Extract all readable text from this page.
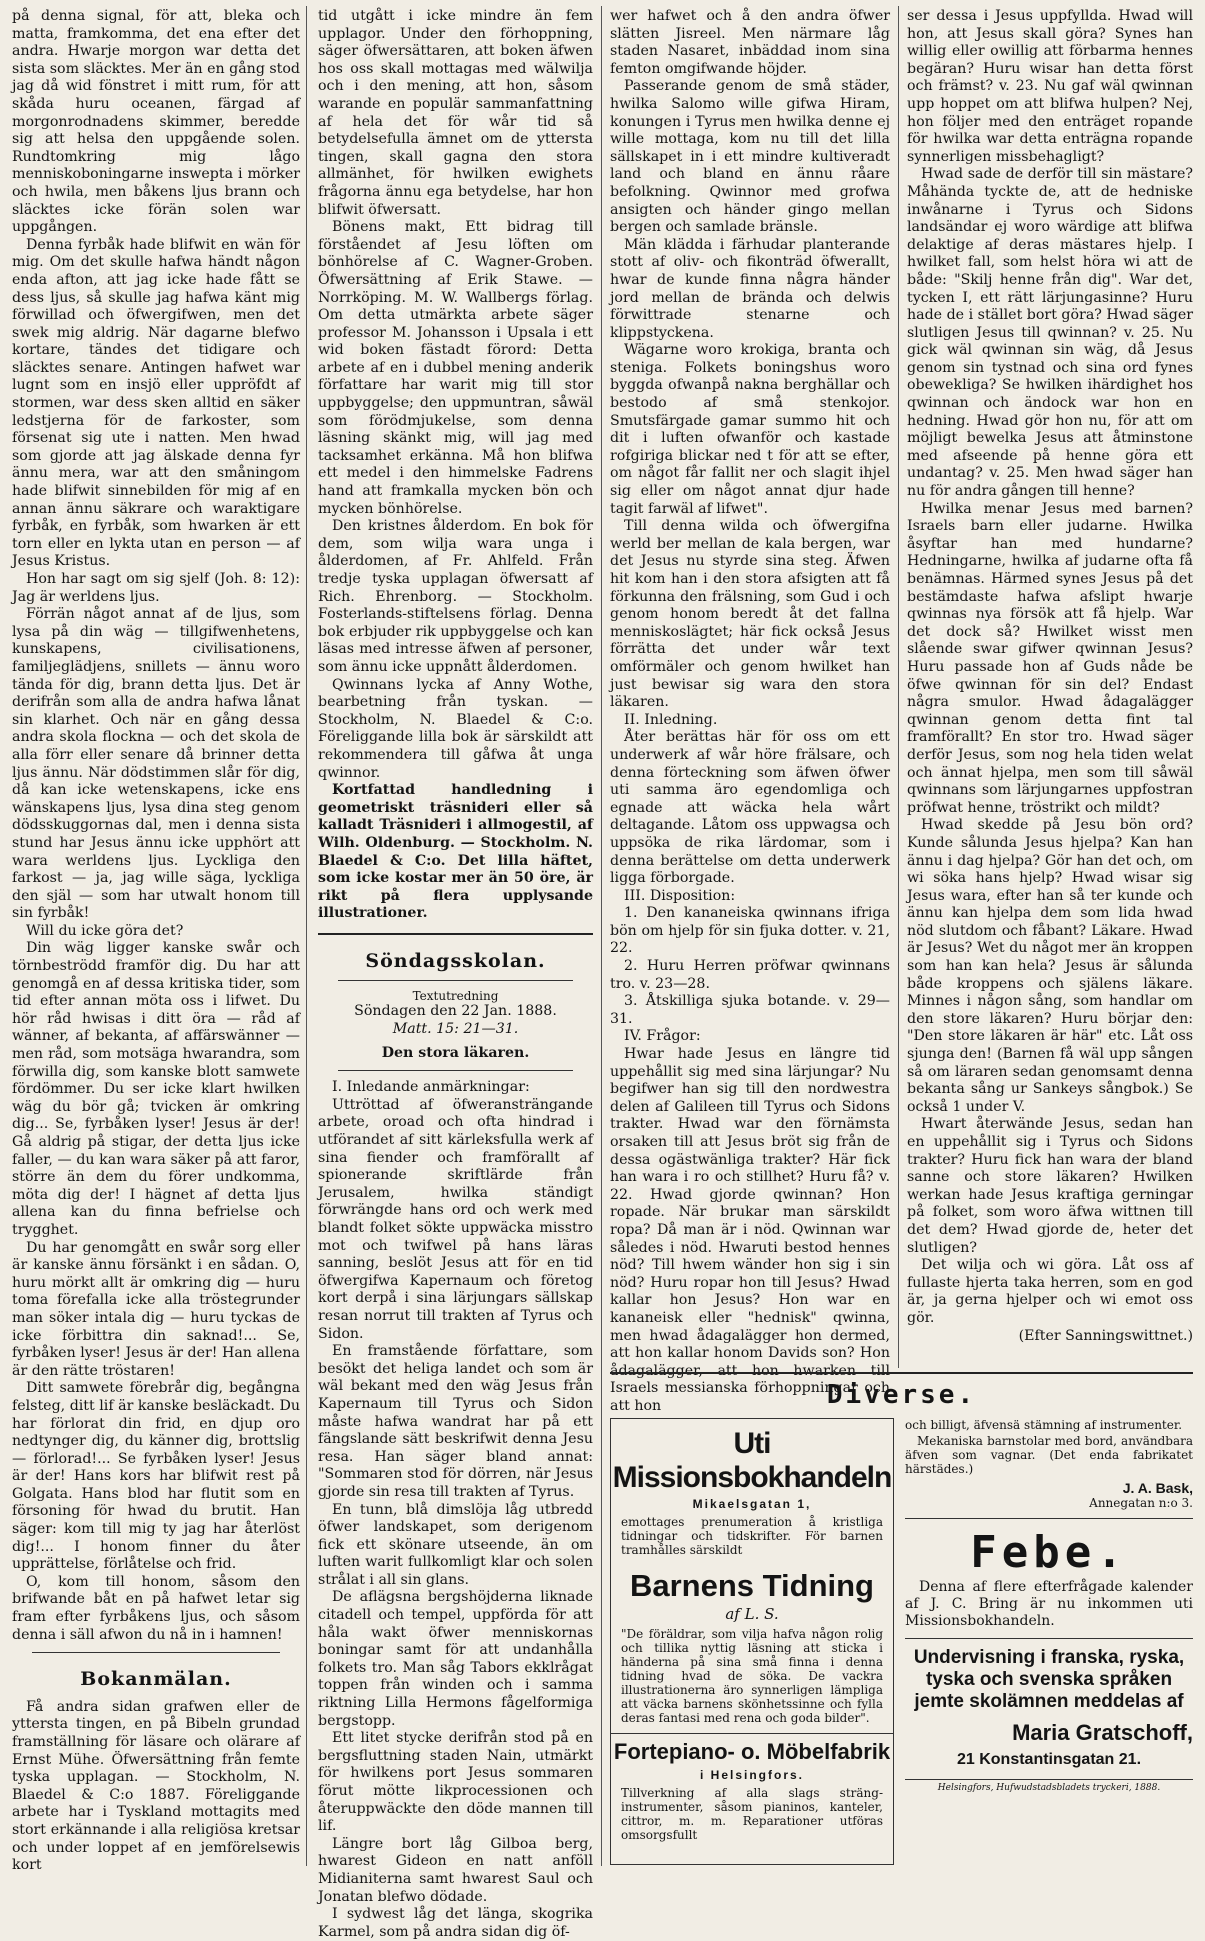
på denna signal, för att, bleka och matta, framkomma, det ena efter det andra. Hwarje morgon war detta det sista som släcktes. Mer än en gång stod jag då wid fönstret i mitt rum, för att skåda huru oceanen, färgad af morgonrodnadens skimmer, beredde sig att helsa den uppgående solen. Rundtomkring mig lågo menniskoboningarne inswepta i mörker och hwila, men båkens ljus brann och släcktes icke förän solen war uppgången.

Denna fyrbåk hade blifwit en wän för mig. Om det skulle hafwa händt någon enda afton, att jag icke hade fått se dess ljus, så skulle jag hafwa känt mig förwillad och öfwergifwen, men det swek mig aldrig. När dagarne blefwo kortare, tändes det tidigare och släcktes senare. Antingen hafwet war lugnt som en insjö eller uppröfdt af stormen, war dess sken alltid en säker ledstjerna för de farkoster, som försenat sig ute i natten. Men hwad som gjorde att jag älskade denna fyr ännu mera, war att den småningom hade blifwit sinnebilden för mig af en annan ännu säkrare och waraktigare fyrbåk, en fyrbåk, som hwarken är ett torn eller en lykta utan en person — af Jesus Kristus.

Hon har sagt om sig sjelf (Joh. 8: 12): Jag är werldens ljus.

Förrän något annat af de ljus, som lysa på din wäg — tillgifwenhetens, kunskapens, civilisationens, familjeglädjens, snillets — ännu woro tända för dig, brann detta ljus. Det är derifrån som alla de andra hafwa lånat sin klarhet. Och när en gång dessa andra skola flockna — och det skola de alla förr eller senare då brinner detta ljus ännu. När dödstimmen slår för dig, då kan icke wetenskapens, icke ens wänskapens ljus, lysa dina steg genom dödsskuggornas dal, men i denna sista stund har Jesus ännu icke upphört att wara werldens ljus. Lyckliga den farkost — ja, jag wille säga, lyckliga den själ — som har utwalt honom till sin fyrbåk!

Will du icke göra det?

Din wäg ligger kanske swår och törnbeströdd framför dig. Du har att genomgå en af dessa kritiska tider, som tid efter annan möta oss i lifwet. Du hör råd hwisas i ditt öra — råd af wänner, af bekanta, af affärswänner — men råd, som motsäga hwarandra, som förwilla dig, som kanske blott samwete fördömmer. Du ser icke klart hwilken wäg du bör gå; tvicken är omkring dig... Se, fyrbåken lyser! Jesus är der! Gå aldrig på stigar, der detta ljus icke faller, — du kan wara säker på att faror, större än dem du förer undkomma, möta dig der! I hägnet af detta ljus allena kan du finna befrielse och trygghet.

Du har genomgått en swår sorg eller är kanske ännu försänkt i en sådan. O, huru mörkt allt är omkring dig — huru toma förefalla icke alla tröstegrunder man söker intala dig — huru tyckas de icke förbittra din saknad!... Se, fyrbåken lyser! Jesus är der! Han allena är den rätte tröstaren!

Ditt samwete förebrår dig, begångna felsteg, ditt lif är kanske besläckadt. Du har förlorat din frid, en djup oro nedtynger dig, du känner dig, brottslig — förlorad!... Se fyrbåken lyser! Jesus är der! Hans kors har blifwit rest på Golgata. Hans blod har flutit som en försoning för hwad du brutit. Han säger: kom till mig ty jag har återlöst dig!... I honom finner du åter upprättelse, förlåtelse och frid.

O, kom till honom, såsom den brifwande båt en på hafwet letar sig fram efter fyrbåkens ljus, och såsom denna i säll afwon du nå in i hamnen!

Bokanmälan.

Få andra sidan grafwen eller de yttersta tingen, en på Bibeln grundad framställning för läsare och olärare af Ernst Mühe. Öfwersättning från femte tyska upplagan. — Stockholm, N. Blaedel & C:o 1887. Föreliggande arbete har i Tyskland mottagits med stort erkännande i alla religiösa kretsar och under loppet af en jemförelsewis kort

tid utgått i icke mindre än fem upplagor. Under den förhoppning, säger öfwersättaren, att boken äfwen hos oss skall mottagas med wälwilja och i den mening, att hon, såsom warande en populär sammanfattning af hela det för wår tid så betydelsefulla ämnet om de yttersta tingen, skall gagna den stora allmänhet, för hwilken ewighets frågorna ännu ega betydelse, har hon blifwit öfwersatt.

Bönens makt, Ett bidrag till förståendet af Jesu löften om bönhörelse af C. Wagner-Groben. Öfwersättning af Erik Stawe. — Norrköping. M. W. Wallbergs förlag. Om detta utmärkta arbete säger professor M. Johansson i Upsala i ett wid boken fästadt förord: Detta arbete af en i dubbel mening anderik författare har warit mig till stor uppbyggelse; den uppmuntran, såwäl som förödmjukelse, som denna läsning skänkt mig, will jag med tacksamhet erkänna. Må hon blifwa ett medel i den himmelske Fadrens hand att framkalla mycken bön och mycken bönhörelse.

Den kristnes ålderdom. En bok för dem, som wilja wara unga i ålderdomen, af Fr. Ahlfeld. Från tredje tyska upplagan öfwersatt af Rich. Ehrenborg. — Stockholm. Fosterlands-stiftelsens förlag. Denna bok erbjuder rik uppbyggelse och kan läsas med intresse äfwen af personer, som ännu icke uppnått ålderdomen.

Qwinnans lycka af Anny Wothe, bearbetning från tyskan. — Stockholm, N. Blaedel & C:o. Föreliggande lilla bok är särskildt att rekommendera till gåfwa åt unga qwinnor.

Kortfattad handledning i geometriskt träsnideri eller så kalladt Träsnideri i allmogestil, af Wilh. Oldenburg. — Stockholm. N. Blaedel & C:o. Det lilla häftet, som icke kostar mer än 50 öre, är rikt på flera upplysande illustrationer.

Söndagsskolan.

Textutredning

Söndagen den 22 Jan. 1888.

Matt. 15: 21—31.

Den stora läkaren.

I. Inledande anmärkningar:

Uttröttad af öfweransträngande arbete, oroad och ofta hindrad i utförandet af sitt kärleksfulla werk af sina fiender och framförallt af spionerande skriftlärde från Jerusalem, hwilka ständigt förwrängde hans ord och werk med blandt folket sökte uppwäcka misstro mot och twifwel på hans läras sanning, beslöt Jesus att för en tid öfwergifwa Kapernaum och företog kort derpå i sina lärjungars sällskap resan norrut till trakten af Tyrus och Sidon.

En framstående författare, som besökt det heliga landet och som är wäl bekant med den wäg Jesus från Kapernaum till Tyrus och Sidon måste hafwa wandrat har på ett fängslande sätt beskrifwit denna Jesu resa. Han säger bland annat: "Sommaren stod för dörren, när Jesus gjorde sin resa till trakten af Tyrus.

En tunn, blå dimslöja låg utbredd öfwer landskapet, som derigenom fick ett skönare utseende, än om luften warit fullkomligt klar och solen strålat i all sin glans.

De aflägsna bergshöjderna liknade citadell och tempel, uppförda för att håla wakt öfwer menniskornas boningar samt för att undanhålla folkets tro. Man såg Tabors ekklrågat toppen från winden och i samma riktning Lilla Hermons fågelformiga bergstopp.

Ett litet stycke derifrån stod på en bergsfluttning staden Nain, utmärkt för hwilkens port Jesus sommaren förut mötte likprocessionen och återuppwäckte den döde mannen till lif.

Längre bort låg Gilboa berg, hwarest Gideon en natt anföll Midianiterna samt hwarest Saul och Jonatan blefwo dödade.

I sydwest låg det länga, skogrika Karmel, som på andra sidan dig öf-

wer hafwet och å den andra öfwer slätten Jisreel. Men närmare låg staden Nasaret, inbäddad inom sina femton omgifwande höjder.

Passerande genom de små städer, hwilka Salomo wille gifwa Hiram, konungen i Tyrus men hwilka denne ej wille mottaga, kom nu till det lilla sällskapet in i ett mindre kultiveradt land och bland en ännu råare befolkning. Qwinnor med grofwa ansigten och händer gingo mellan bergen och samlade bränsle.

Män klädda i färhudar planterande stott af oliv- och fikonträd öfwerallt, hwar de kunde finna några händer jord mellan de brända och delwis förwittrade stenarne och klippstyckena.

Wägarne woro krokiga, branta och steniga. Folkets boningshus woro byggda ofwanpå nakna berghällar och bestodo af små stenkojor. Smutsfärgade gamar summo hit och dit i luften ofwanför och kastade rofgiriga blickar ned t för att se efter, om något får fallit ner och slagit ihjel sig eller om något annat djur hade tagit farwäl af lifwet".

Till denna wilda och öfwergifna werld ber mellan de kala bergen, war det Jesus nu styrde sina steg. Äfwen hit kom han i den stora afsigten att få förkunna den frälsning, som Gud i och genom honom beredt åt det fallna menniskoslägtet; här fick också Jesus förrätta det under wår text omförmäler och genom hwilket han just bewisar sig wara den stora läkaren.

II. Inledning.

Åter berättas här för oss om ett underwerk af wår höre frälsare, och denna förteckning som äfwen öfwer uti samma äro egendomliga och egnade att wäcka hela wårt deltagande. Låtom oss uppwagsa och uppsöka de rika lärdomar, som i denna berättelse om detta underwerk ligga förborgade.

III. Disposition:

1. Den kananeiska qwinnans ifriga bön om hjelp för sin fjuka dotter. v. 21, 22.

2. Huru Herren pröfwar qwinnans tro. v. 23—28.

3. Åtskilliga sjuka botande. v. 29—31.

IV. Frågor:

Hwar hade Jesus en längre tid uppehållit sig med sina lärjungar? Nu begifwer han sig till den nordwestra delen af Galileen till Tyrus och Sidons trakter. Hwad war den förnämsta orsaken till att Jesus bröt sig från de dessa ogästwänliga trakter? Här fick han wara i ro och stillhet? Huru få? v. 22. Hwad gjorde qwinnan? Hon ropade. När brukar man särskildt ropa? Då man är i nöd. Qwinnan war således i nöd. Hwaruti bestod hennes nöd? Till hwem wänder hon sig i sin nöd? Huru ropar hon till Jesus? Hwad kallar hon Jesus? Hon war en kananeisk eller "hednisk" qwinna, men hwad ådagalägger hon dermed, att hon kallar honom Davids son? Hon ådagalägger, att hon hwarken till Israels messianska förhoppningar och att hon

ser dessa i Jesus uppfyllda. Hwad will hon, att Jesus skall göra? Synes han willig eller owillig att förbarma hennes begäran? Huru wisar han detta först och främst? v. 23. Nu gaf wäl qwinnan upp hoppet om att blifwa hulpen? Nej, hon följer med den enträget ropande för hwilka war detta enträgna ropande synnerligen missbehagligt?

Hwad sade de derför till sin mästare? Måhända tyckte de, att de hedniske inwånarne i Tyrus och Sidons landsändar ej woro wärdige att blifwa delaktige af deras mästares hjelp. I hwilket fall, som helst höra wi att de både: "Skilj henne från dig". War det, tycken I, ett rätt lärjungasinne? Huru hade de i stället bort göra? Hwad säger slutligen Jesus till qwinnan? v. 25. Nu gick wäl qwinnan sin wäg, då Jesus genom sin tystnad och sina ord fynes obewekliga? Se hwilken ihärdighet hos qwinnan och ändock war hon en hedning. Hwad gör hon nu, för att om möjligt bewelka Jesus att åtminstone med afseende på henne göra ett undantag? v. 25. Men hwad säger han nu för andra gången till henne?

Hwilka menar Jesus med barnen? Israels barn eller judarne. Hwilka åsyftar han med hundarne? Hedningarne, hwilka af judarne ofta få benämnas. Härmed synes Jesus på det bestämdaste hafwa afslipt hwarje qwinnas nya försök att få hjelp. War det dock så? Hwilket wisst men slående swar gifwer qwinnan Jesus? Huru passade hon af Guds nåde be öfwe qwinnan för sin del? Endast några smulor. Hwad ådagalägger qwinnan genom detta fint tal framförallt? En stor tro. Hwad säger derför Jesus, som nog hela tiden welat och ännat hjelpa, men som till såwäl qwinnans som lärjungarnes uppfostran pröfwat henne, tröstrikt och mildt?

Hwad skedde på Jesu bön ord? Kunde sålunda Jesus hjelpa? Kan han ännu i dag hjelpa? Gör han det och, om wi söka hans hjelp? Hwad wisar sig Jesus wara, efter han så ter kunde och ännu kan hjelpa dem som lida hwad nöd slutdom och fåbant? Läkare. Hwad är Jesus? Wet du något mer än kroppen som han kan hela? Jesus är sålunda både kroppens och själens läkare. Minnes i någon sång, som handlar om den store läkaren? Huru börjar den: "Den store läkaren är här" etc. Låt oss sjunga den! (Barnen få wäl upp sången så om läraren sedan genomsamt denna bekanta sång ur Sankeys sångbok.) Se också 1 under V.

Hwart återwände Jesus, sedan han en uppehållit sig i Tyrus och Sidons trakter? Huru fick han wara der bland sanne och store läkaren? Hwilken werkan hade Jesus kraftiga gerningar på folket, som woro äfwa wittnen till det dem? Hwad gjorde de, heter det slutligen?

Det wilja och wi göra. Låt oss af fullaste hjerta taka herren, som en god är, ja gerna hjelper och wi emot oss gör.

(Efter Sanningswittnet.)

Diverse.
Uti Missionsbokhandeln
Mikaelsgatan 1,
emottages prenumeration å kristliga tidningar och tidskrifter. För barnen tramhålles särskildt
Barnens Tidning
af L. S.
"De föräldrar, som vilja hafva någon rolig och tillika nyttig läsning att sticka i händerna på sina små finna i denna tidning hvad de söka. De vackra illustrationerna äro synnerligen lämpliga att väcka barnens skönhetssinne och fylla deras fantasi med rena och goda bilder".
Fortepiano- o. Möbelfabrik
i Helsingfors.
Tillverkning af alla slags sträng-instrumenter, såsom pianinos, kanteler, cittror, m. m. Reparationer utföras omsorgsfullt
och billigt, äfvensä stämning af instrumenter.
Mekaniska barnstolar med bord, användbara äfven som vagnar. (Det enda fabrikatet härstädes.)
J. A. Bask,
Annegatan n:o 3.
Febe.
Denna af flere efterfrågade kalender af J. C. Bring är nu inkommen uti Missionsbokhandeln.
Undervisning i franska, ryska, tyska och svenska språken jemte skolämnen meddelas af
Maria Gratschoff,
21 Konstantinsgatan 21.
Helsingfors, Hufwudstadsbladets tryckeri, 1888.
